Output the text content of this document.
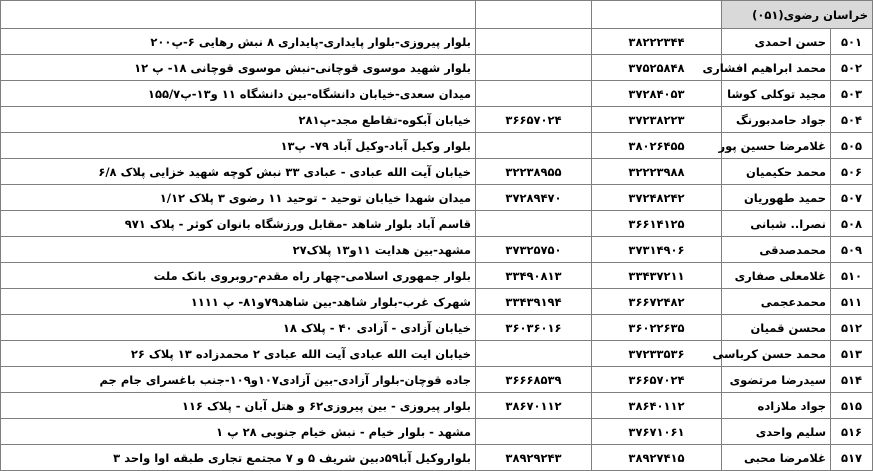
خراسان رضوی(۰۵۱)				
۵۰۱	حسن احمدی	۳۸۲۲۲۳۴۴		بلوار پیروزی-بلوار پایداری-پایداری ۸ نبش رهایی ۶-پ۲۰۰
۵۰۲	محمد ابراهیم افشاری	۳۷۵۲۵۸۴۸		بلوار شهید موسوی قوچانی-نبش موسوی قوچانی ۱۸- پ ۱۲
۵۰۳	مجید توکلی کوشا	۳۷۲۸۴۰۵۳		میدان سعدی-خیابان دانشگاه-بین دانشگاه ۱۱ و۱۳-پ۱۵۵/۷
۵۰۴	جواد حامدبورنگ	۳۷۲۳۸۲۲۳	۳۶۶۵۷۰۲۴	خیابان آبکوه-تقاطع مجد-پ۲۸۱
۵۰۵	غلامرضا حسین پور	۳۸۰۲۶۴۵۵		بلوار وکیل آباد-وکیل آباد ۷۹- پ۱۳
۵۰۶	محمد حکیمیان	۳۲۲۲۳۹۸۸	۳۲۲۳۸۹۵۵	خیابان آیت الله عبادی - عبادی ۳۳ نبش کوچه شهید خزایی پلاک ۶/۸
۵۰۷	حمید طهوریان	۳۷۲۴۸۲۴۲	۳۷۲۸۹۴۷۰	میدان شهدا خیابان توحید - توحید ۱۱ رضوی ۳ پلاک ۱/۱۲
۵۰۸	نصرا.. شبانی	۳۶۶۱۴۱۲۵		قاسم آباد بلوار شاهد -مقابل ورزشگاه بانوان کوثر - پلاک ۹۷۱
۵۰۹	محمدصدقی	۳۷۳۱۴۹۰۶	۳۷۳۲۵۷۵۰	مشهد-بین هدایت ۱۱و۱۳ پلاک۲۷
۵۱۰	غلامعلی صفاری	۳۳۴۳۷۲۱۱	۳۳۴۹۰۸۱۳	بلوار جمهوری اسلامی-چهار راه مقدم-روبروی بانک ملت
۵۱۱	محمدعجمی	۳۶۶۷۲۴۸۲	۳۳۴۳۹۱۹۴	شهرک غرب-بلوار شاهد-بین شاهد۷۹و۸۱- پ ۱۱۱۱
۵۱۲	محسن قمیان	۳۶۰۲۲۶۳۵	۳۶۰۳۶۰۱۶	خیابان آزادی - آزادی ۴۰ - پلاک ۱۸
۵۱۳	محمد حسن کرباسی	۳۷۲۳۳۵۳۶		خیابان ایت الله عبادی آیت الله عبادی ۲ محمدزاده ۱۳ پلاک ۲۶
۵۱۴	سیدرضا مرتضوی	۳۶۶۵۷۰۲۴	۳۶۶۶۸۵۳۹	جاده قوچان-بلوار آزادی-بین آزادی۱۰۷و۱۰۹-جنب باغسرای جام جم
۵۱۵	جواد ملازاده	۳۸۶۴۰۱۱۲	۳۸۶۷۰۱۱۲	بلوار پیروزی - بین پیروزی۶۲ و هتل آبان - پلاک ۱۱۶
۵۱۶	سلیم واحدی	۳۷۶۷۱۰۶۱		مشهد - بلوار خیام - نبش خیام جنوبی ۲۸ پ ۱
۵۱۷	غلامرضا محبی	۳۸۹۲۷۴۱۵	۳۸۹۲۹۲۴۳	بلواروکیل آبا۵۹دبین شریف ۵ و ۷ مجتمع تجاری طبقه اوا واحد ۳
